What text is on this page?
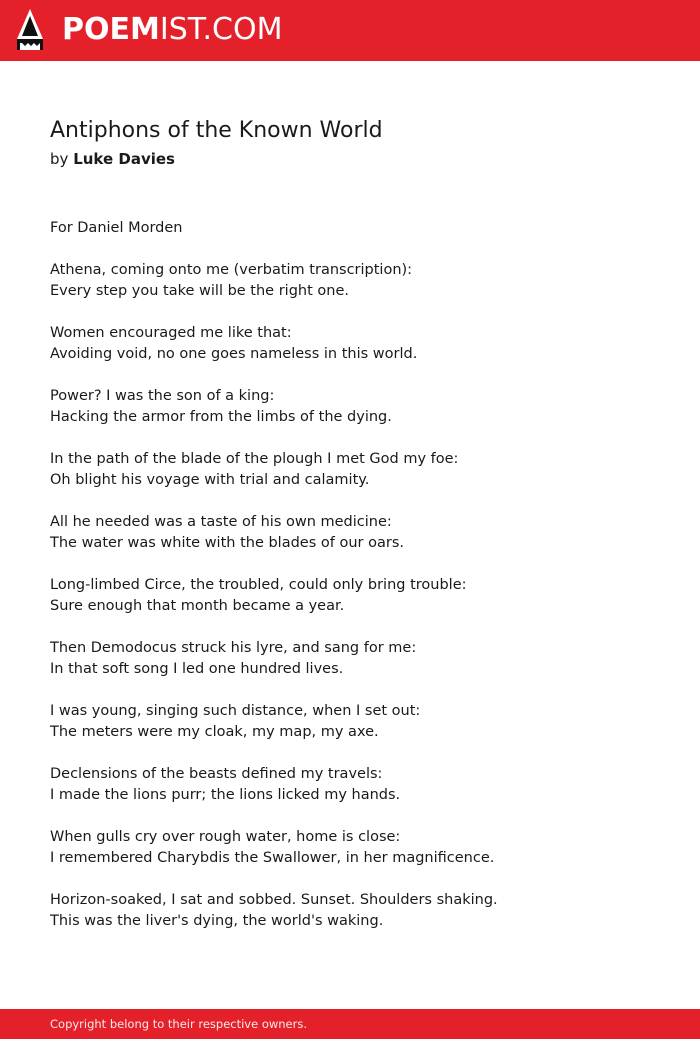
POEMIST.COM
Antiphons of the Known World
by Luke Davies
For Daniel Morden
Athena, coming onto me (verbatim transcription):
Every step you take will be the right one.
Women encouraged me like that:
Avoiding void, no one goes nameless in this world.
Power? I was the son of a king:
Hacking the armor from the limbs of the dying.
In the path of the blade of the plough I met God my foe:
Oh blight his voyage with trial and calamity.
All he needed was a taste of his own medicine:
The water was white with the blades of our oars.
Long-limbed Circe, the troubled, could only bring trouble:
Sure enough that month became a year.
Then Demodocus struck his lyre, and sang for me:
In that soft song I led one hundred lives.
I was young, singing such distance, when I set out:
The meters were my cloak, my map, my axe.
Declensions of the beasts defined my travels:
I made the lions purr; the lions licked my hands.
When gulls cry over rough water, home is close:
I remembered Charybdis the Swallower, in her magnificence.
Horizon-soaked, I sat and sobbed. Sunset. Shoulders shaking.
This was the liver's dying, the world's waking.
Copyright belong to their respective owners.
